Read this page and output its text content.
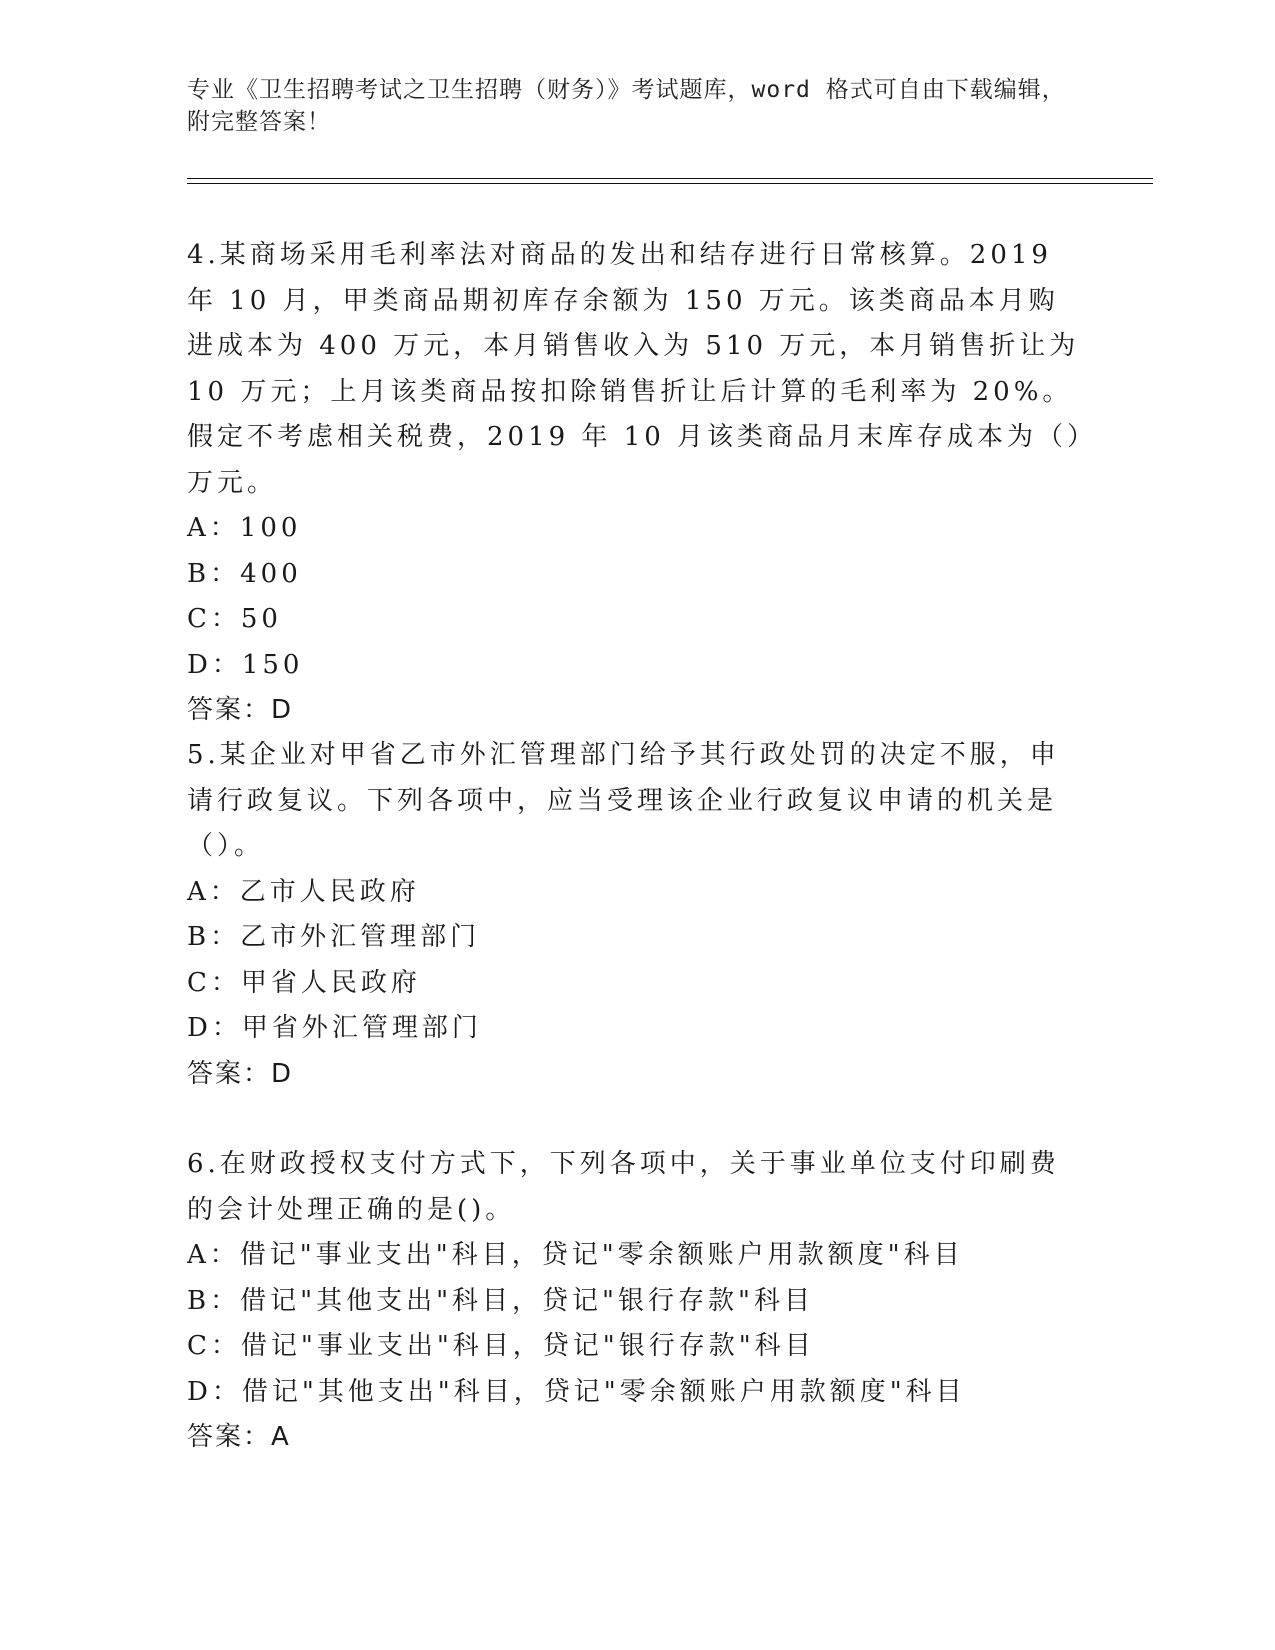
专业《卫生招聘考试之卫生招聘（财务）》考试题库，word 格式可自由下载编辑，附完整答案！

4.某商场采用毛利率法对商品的发出和结存进行日常核算。2019 年 10 月，甲类商品期初库存余额为 150 万元。该类商品本月购进成本为 400 万元，本月销售收入为 510 万元，本月销售折让为 10 万元；上月该类商品按扣除销售折让后计算的毛利率为 20%。假定不考虑相关税费，2019 年 10 月该类商品月末库存成本为（）万元。

A：100

B：400

C：50

D：150

答案：D

5.某企业对甲省乙市外汇管理部门给予其行政处罚的决定不服，申请行政复议。下列各项中，应当受理该企业行政复议申请的机关是（）。

A：乙市人民政府

B：乙市外汇管理部门

C：甲省人民政府

D：甲省外汇管理部门

答案：D

6.在财政授权支付方式下，下列各项中，关于事业单位支付印刷费的会计处理正确的是()。

A：借记"事业支出"科目，贷记"零余额账户用款额度"科目

B：借记"其他支出"科目，贷记"银行存款"科目

C：借记"事业支出"科目，贷记"银行存款"科目

D：借记"其他支出"科目，贷记"零余额账户用款额度"科目

答案：A
